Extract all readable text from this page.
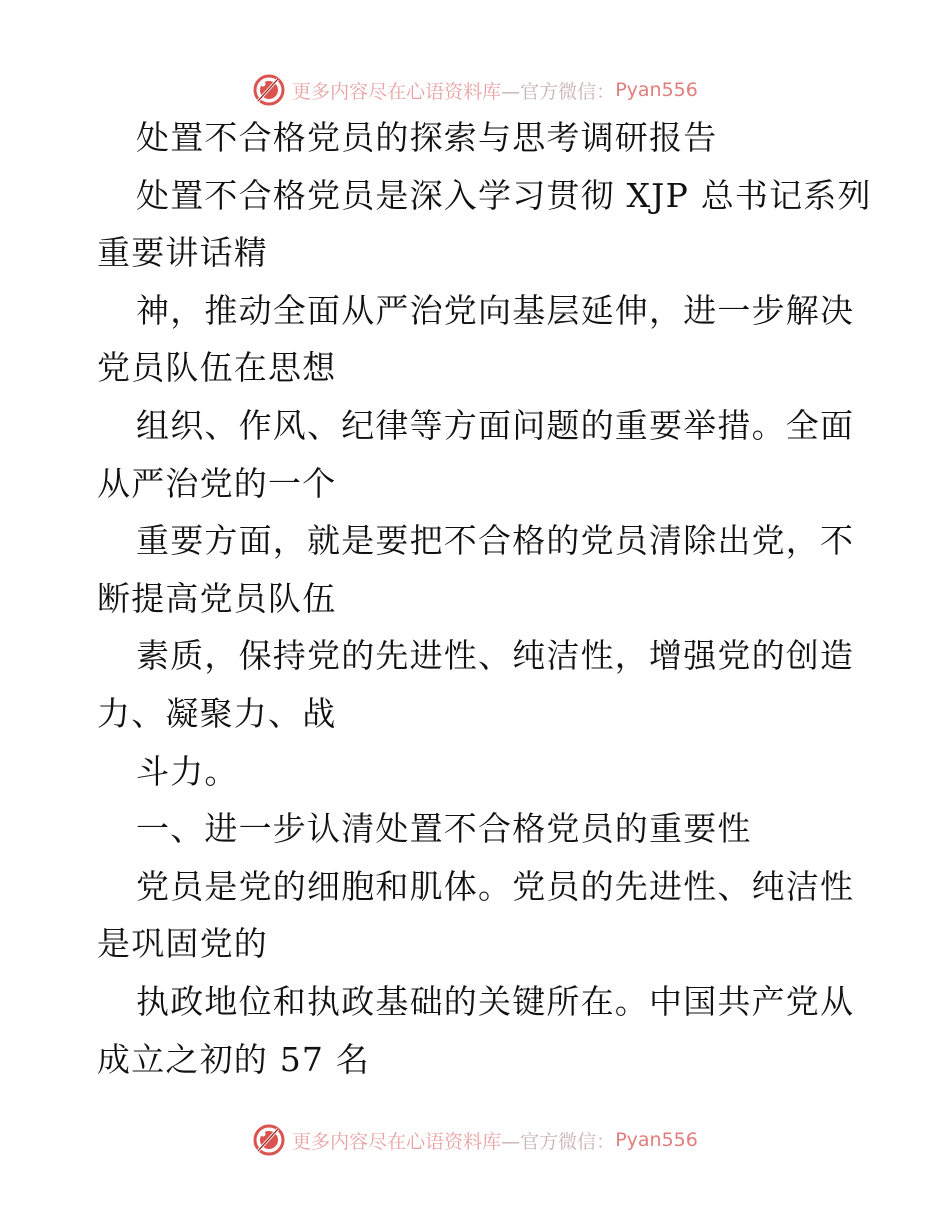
更多内容尽在心语资料库 —官方微信： Pyan556
处置不合格党员的探索与思考调研报告
处置不合格党员是深入学习贯彻 XJP 总书记系列
重要讲话精
神，推动全面从严治党向基层延伸，进一步解决
党员队伍在思想
组织、作风、纪律等方面问题的重要举措。全面
从严治党的一个
重要方面，就是要把不合格的党员清除出党，不
断提高党员队伍
素质，保持党的先进性、纯洁性，增强党的创造
力、凝聚力、战
斗力。
一、进一步认清处置不合格党员的重要性
党员是党的细胞和肌体。党员的先进性、纯洁性
是巩固党的
执政地位和执政基础的关键所在。中国共产党从
成立之初的 57 名
更多内容尽在心语资料库 —官方微信： Pyan556
